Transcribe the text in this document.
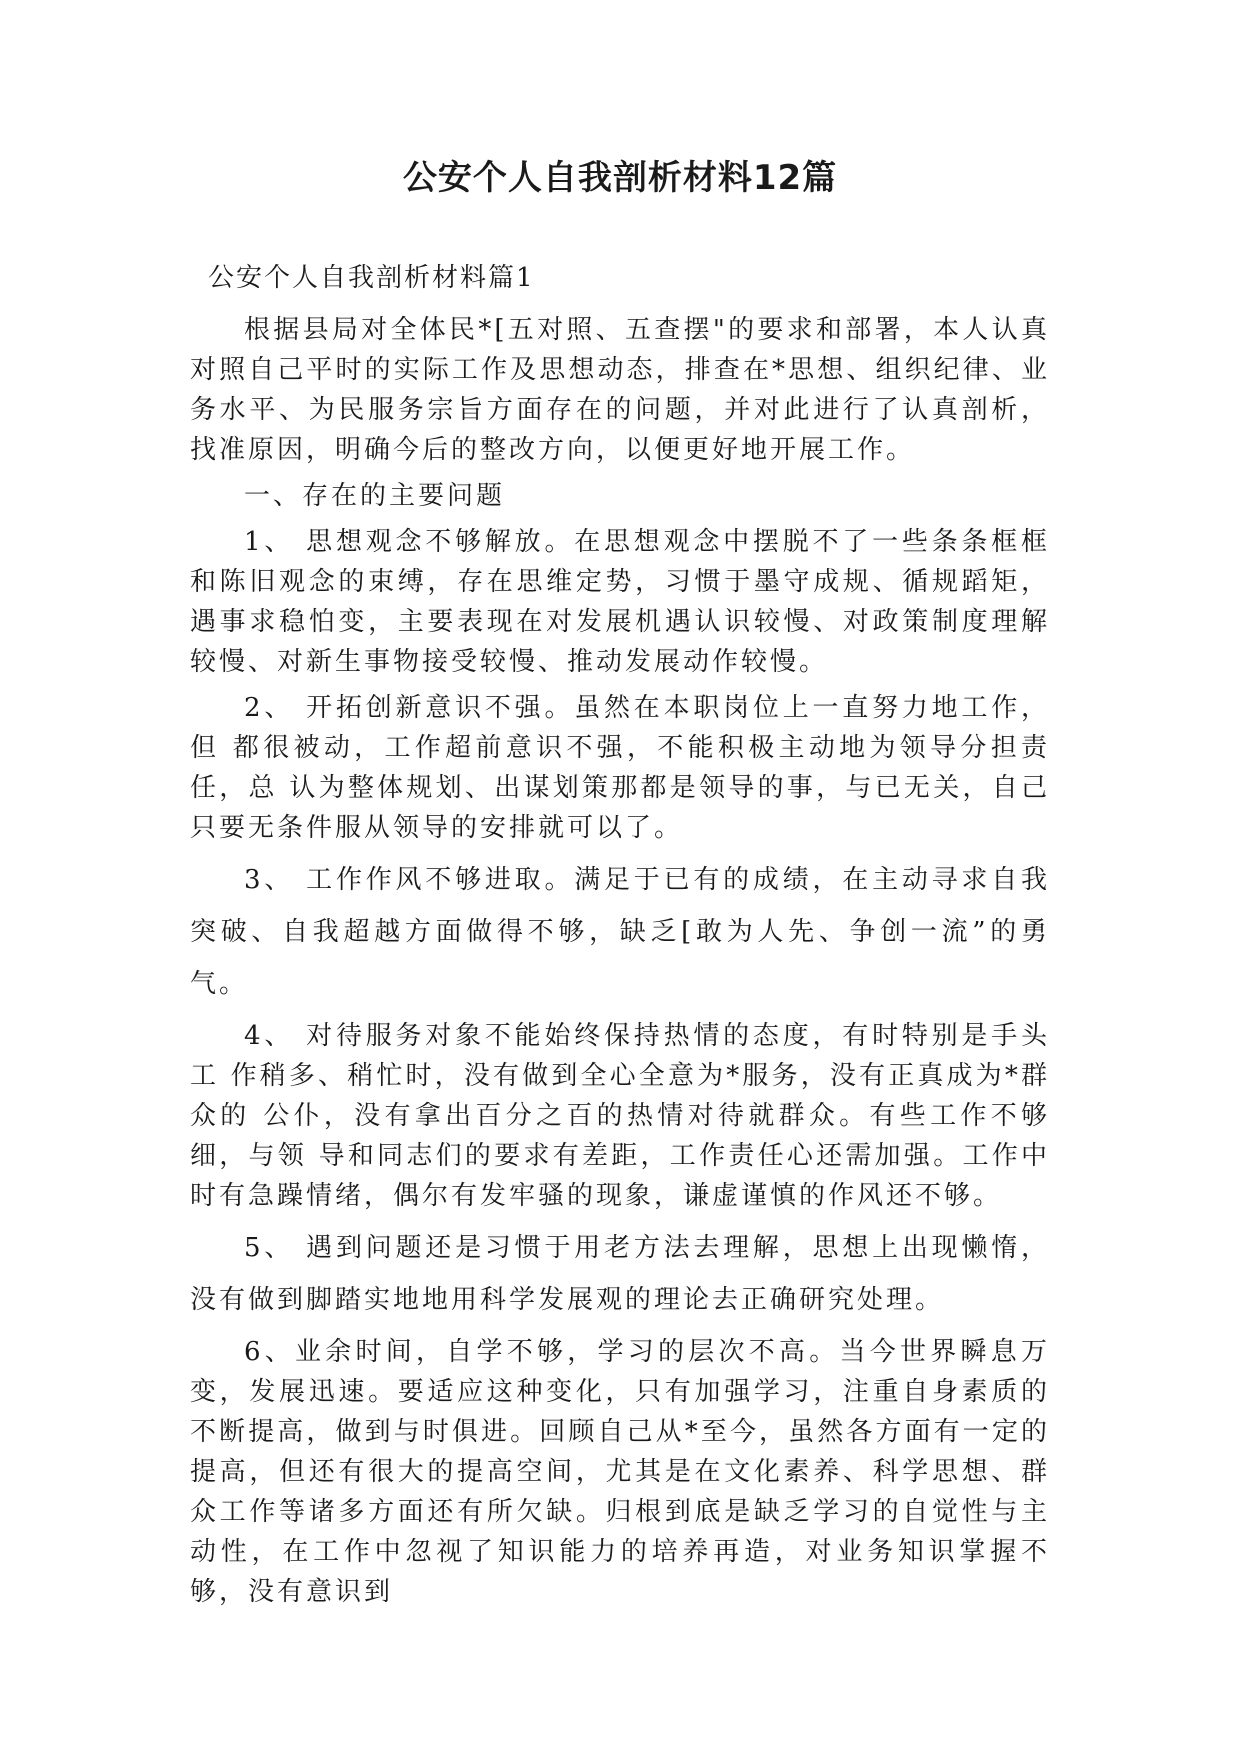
公安个人自我剖析材料12篇
公安个人自我剖析材料篇1

根据县局对全体民*[五对照、五查摆"的要求和部署，本人认真对照自己平时的实际工作及思想动态，排查在*思想、组织纪律、业务水平、为民服务宗旨方面存在的问题，并对此进行了认真剖析，找准原因，明确今后的整改方向，以便更好地开展工作。

一、存在的主要问题

1、 思想观念不够解放。在思想观念中摆脱不了一些条条框框和陈旧观念的束缚，存在思维定势，习惯于墨守成规、循规蹈矩，遇事求稳怕变，主要表现在对发展机遇认识较慢、对政策制度理解较慢、对新生事物接受较慢、推动发展动作较慢。

2、 开拓创新意识不强。虽然在本职岗位上一直努力地工作，但 都很被动，工作超前意识不强，不能积极主动地为领导分担责任，总 认为整体规划、出谋划策那都是领导的事，与已无关，自己只要无条件服从领导的安排就可以了。

3、 工作作风不够进取。满足于已有的成绩，在主动寻求自我突破、自我超越方面做得不够，缺乏[敢为人先、争创一流”的勇气。

4、 对待服务对象不能始终保持热情的态度，有时特别是手头工 作稍多、稍忙时，没有做到全心全意为*服务，没有正真成为*群众的 公仆，没有拿出百分之百的热情对待就群众。有些工作不够细，与领 导和同志们的要求有差距，工作责任心还需加强。工作中时有急躁情绪，偶尔有发牢骚的现象，谦虚谨慎的作风还不够。

5、 遇到问题还是习惯于用老方法去理解，思想上出现懒惰，没有做到脚踏实地地用科学发展观的理论去正确研究处理。

6、业余时间，自学不够，学习的层次不高。当今世界瞬息万变，发展迅速。要适应这种变化，只有加强学习，注重自身素质的不断提高，做到与时俱进。回顾自己从*至今，虽然各方面有一定的提高，但还有很大的提高空间，尤其是在文化素养、科学思想、群众工作等诸多方面还有所欠缺。归根到底是缺乏学习的自觉性与主动性，在工作中忽视了知识能力的培养再造，对业务知识掌握不够，没有意识到
